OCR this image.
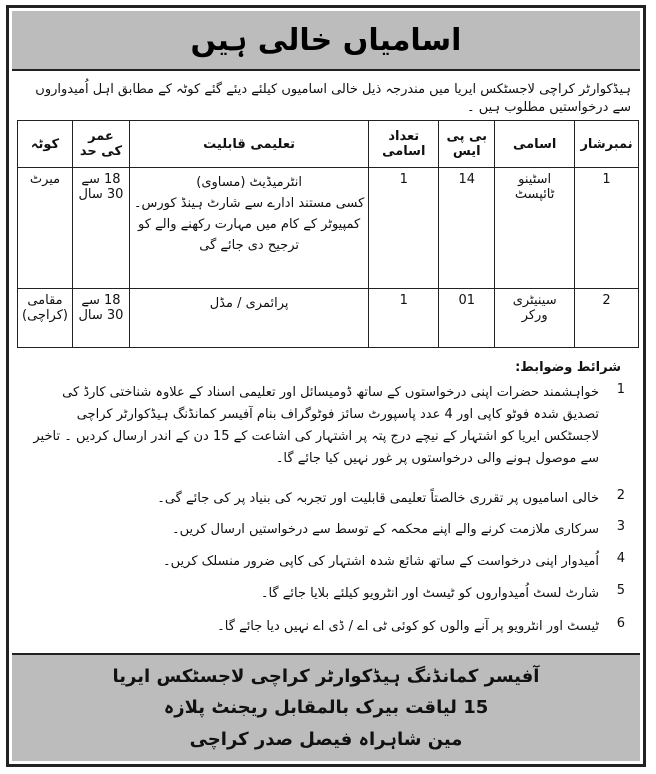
اسامیاں خالی ہیں
ہیڈکوارٹر کراچی لاجسٹکس ایریا میں مندرجہ ذیل خالی اسامیوں کیلئے دیئے گئے کوٹہ کے مطابق اہل اُمیدواروں سے درخواستیں مطلوب ہیں ۔
نمبرشار	اسامی	بی پی ایس	تعداد اسامی	تعلیمی قابلیت	عمر کی حد	کوٹہ
1	اسٹینو ٹائپسٹ	14	1	انٹرمیڈیٹ (مساوی)
کسی مستند ادارے سے شارٹ ہینڈ کورس۔
کمپیوٹر کے کام میں مہارت رکھنے والے کو
ترجیح دی جائے گی	18 سے 30 سال	میرٹ
2	سینیٹری ورکر	01	1	پرائمری / مڈل	18 سے 30 سال	مقامی (کراچی)
شرائط وضوابط:
1
خواہشمند حضرات اپنی درخواستوں کے ساتھ ڈومیسائل اور تعلیمی اسناد کے علاوہ شناختی کارڈ کی تصدیق شدہ فوٹو کاپی اور 4 عدد پاسپورٹ سائز فوٹوگراف بنام آفیسر کمانڈنگ ہیڈکوارٹر کراچی لاجسٹکس ایریا کو اشتہار کے نیچے درج پتہ پر اشتہار کی اشاعت کے 15 دن کے اندر ارسال کردیں ۔ تاخیر سے موصول ہونے والی درخواستوں پر غور نہیں کیا جائے گا۔
2
خالی اسامیوں پر تقرری خالصتاً تعلیمی قابلیت اور تجربہ کی بنیاد پر کی جائے گی۔
3
سرکاری ملازمت کرنے والے اپنے محکمہ کے توسط سے درخواستیں ارسال کریں۔
4
اُمیدوار اپنی درخواست کے ساتھ شائع شدہ اشتہار کی کاپی ضرور منسلک کریں۔
5
شارٹ لسٹ اُمیدواروں کو ٹیسٹ اور انٹرویو کیلئے بلایا جائے گا۔
6
ٹیسٹ اور انٹرویو پر آنے والوں کو کوئی ٹی اے / ڈی اے نہیں دیا جائے گا۔
آفیسر کمانڈنگ ہیڈکوارٹر کراچی لاجسٹکس ایریا
15 لیاقت بیرک بالمقابل ریجنٹ پلازہ
مین شاہراہ فیصل صدر کراچی
